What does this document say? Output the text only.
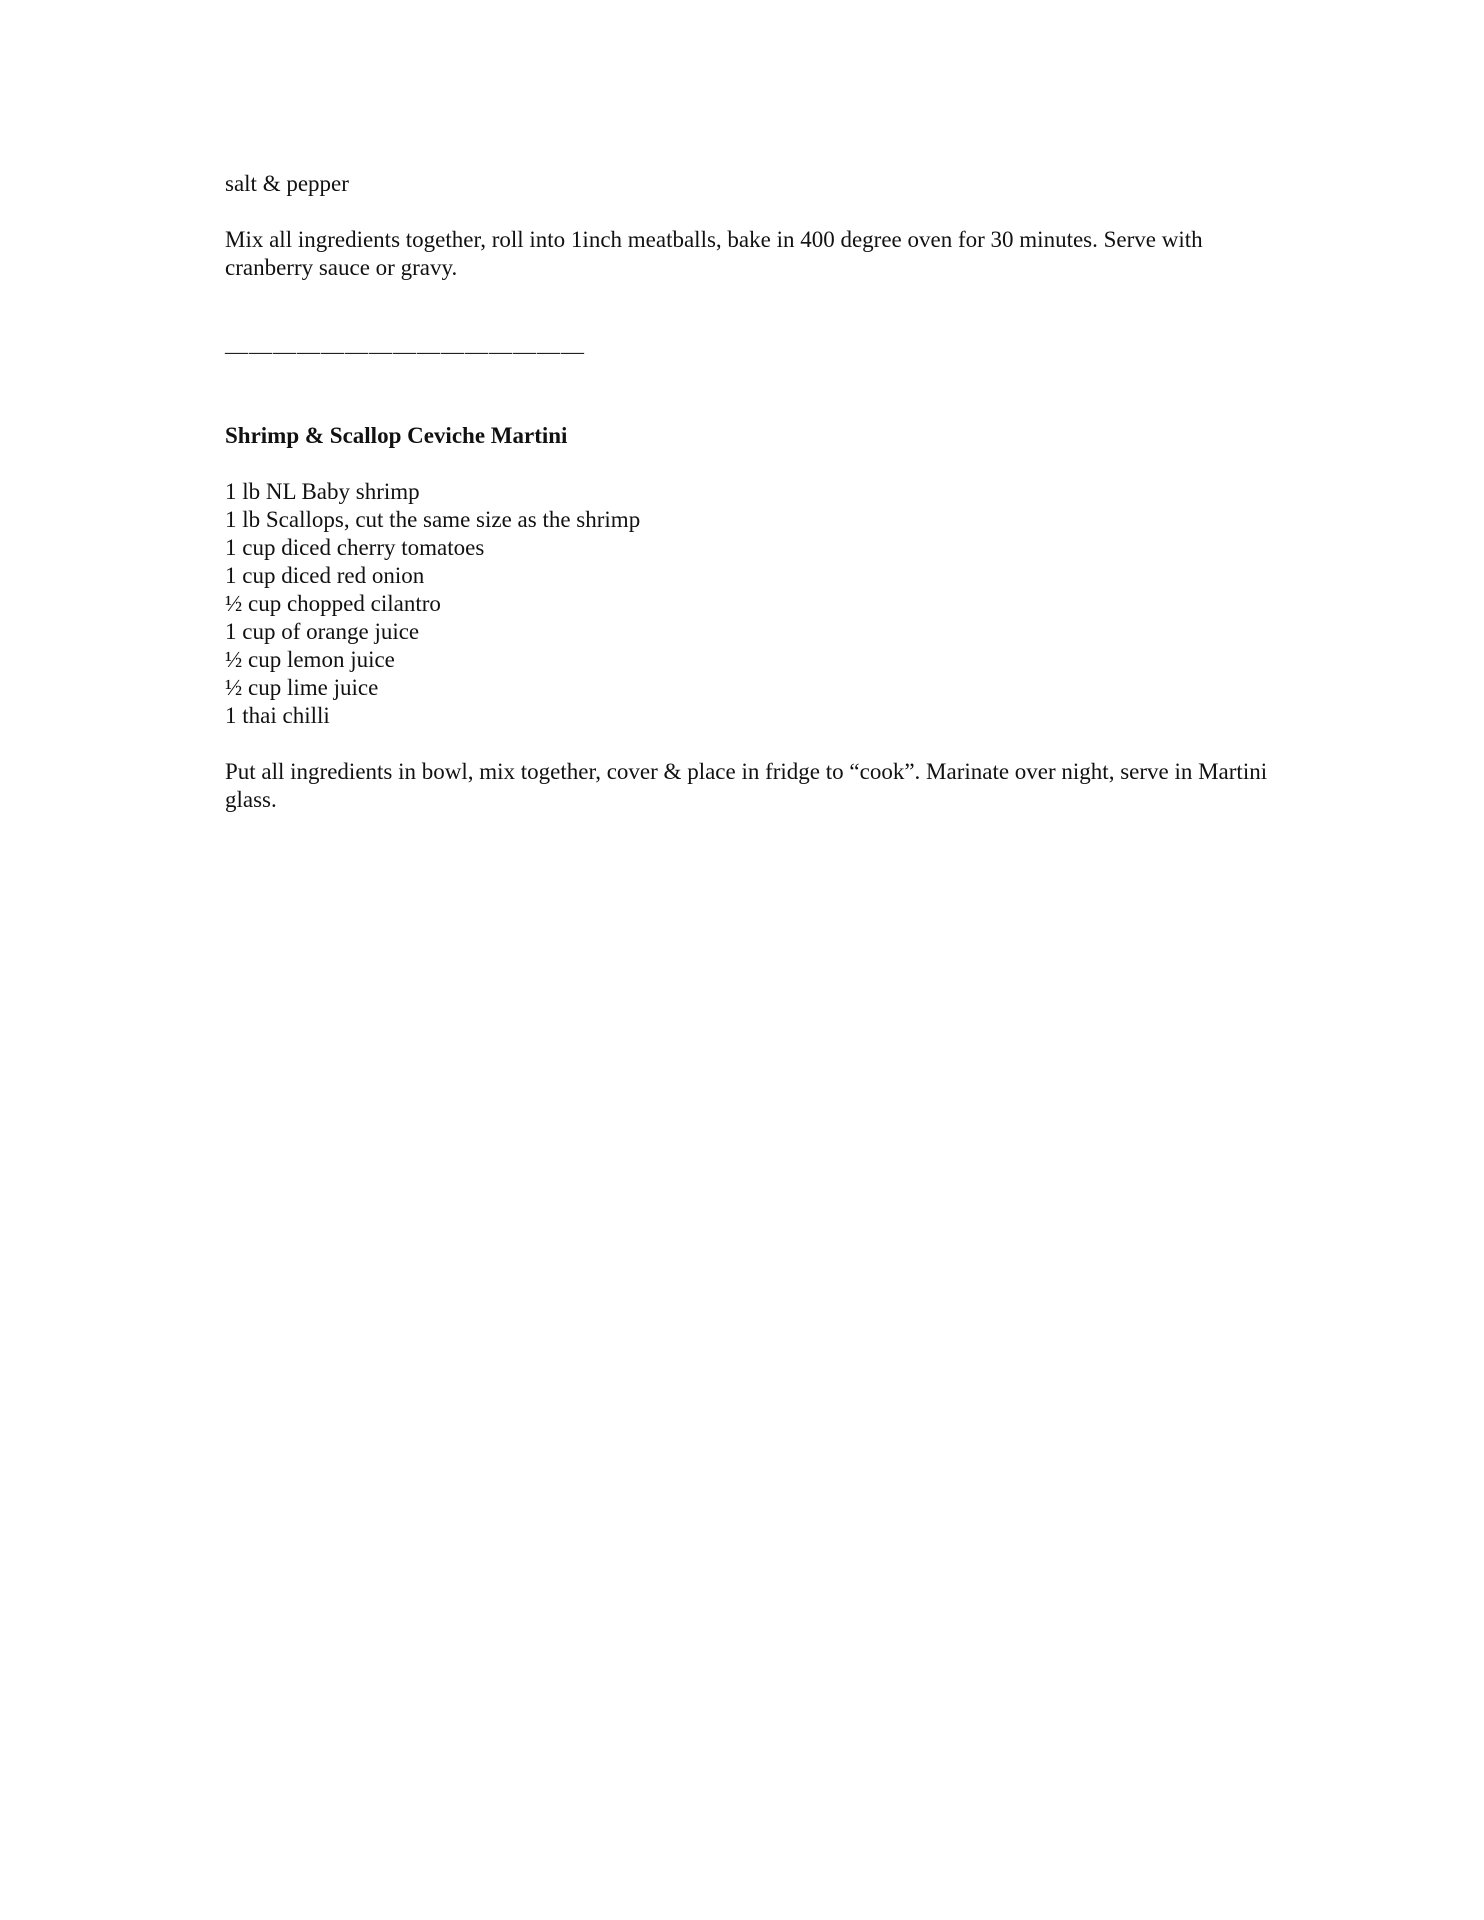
salt & pepper

Mix all ingredients together, roll into 1inch meatballs, bake in 400 degree oven for 30 minutes. Serve with cranberry sauce or gravy.

———————————————
Shrimp & Scallop Ceviche Martini
1 lb NL Baby shrimp
1 lb Scallops, cut the same size as the shrimp
1 cup diced cherry tomatoes
1 cup diced red onion
½ cup chopped cilantro
1 cup of orange juice
½ cup lemon juice
½ cup lime juice
1 thai chilli

Put all ingredients in bowl, mix together, cover & place in fridge to “cook”. Marinate over night, serve in Martini glass.
